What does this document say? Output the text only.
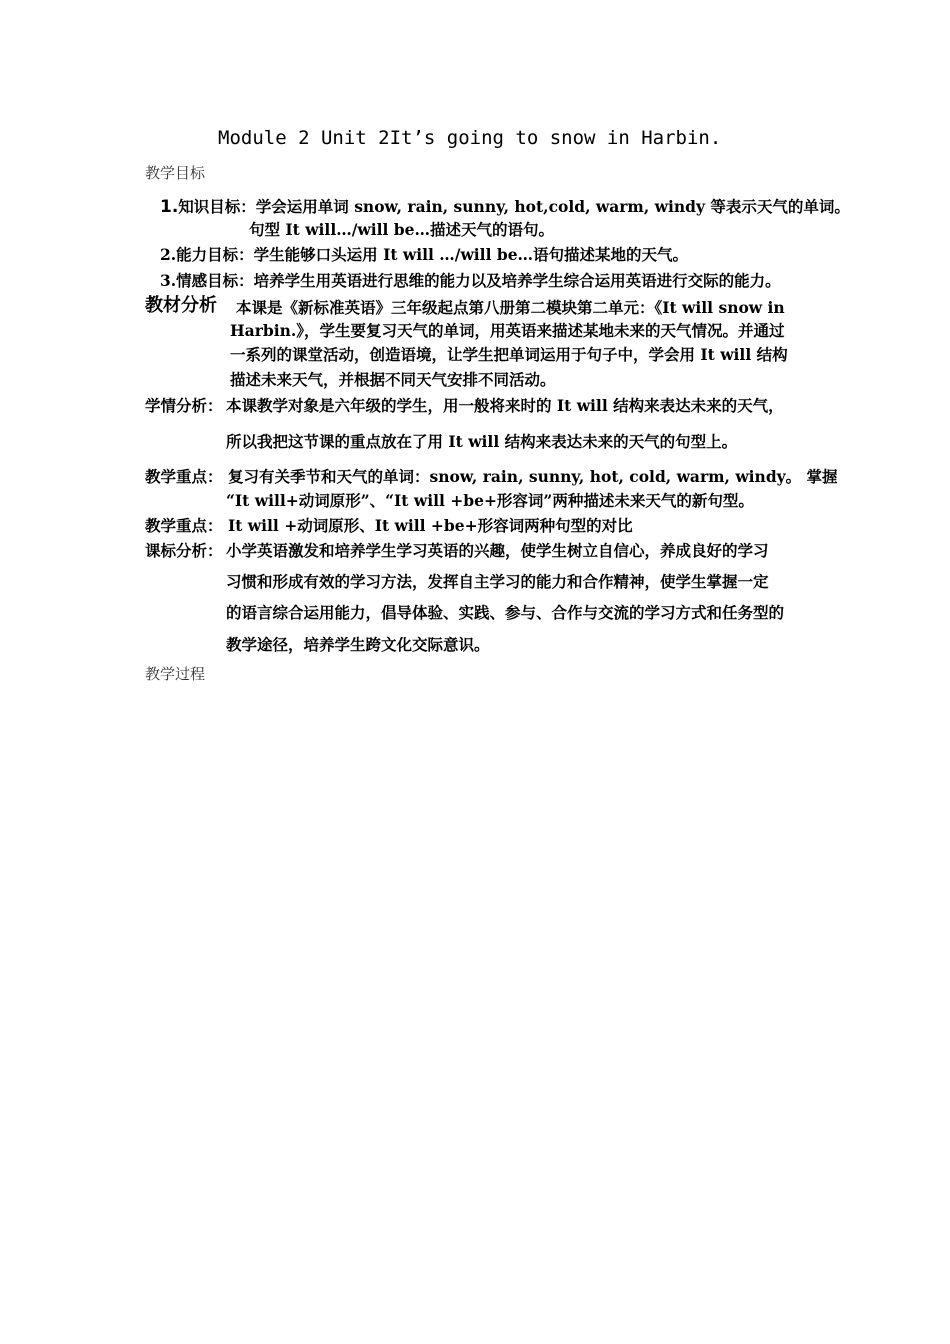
Module 2 Unit 2It’s going to snow in Harbin.
教学目标
1.知识目标：学会运用单词 snow, rain, sunny, hot,cold, warm, windy 等表示天气的单词。
句型 It will…/will be…描述天气的语句。
2.能力目标：学生能够口头运用 It will …/will be…语句描述某地的天气。
3.情感目标：培养学生用英语进行思维的能力以及培养学生综合运用英语进行交际的能力。
教材分析 本课是《新标准英语》三年级起点第八册第二模块第二单元：《It will snow in
Harbin.》，学生要复习天气的单词，用英语来描述某地未来的天气情况。并通过
一系列的课堂活动，创造语境，让学生把单词运用于句子中，学会用 It will 结构
描述未来天气，并根据不同天气安排不同活动。
学情分析： 本课教学对象是六年级的学生，用一般将来时的 It will 结构来表达未来的天气，
所以我把这节课的重点放在了用 It will 结构来表达未来的天气的句型上。
教学重点： 复习有关季节和天气的单词：snow, rain, sunny, hot, cold, warm, windy。 掌握
“It will+动词原形”、“It will +be+形容词”两种描述未来天气的新句型。
教学重点： It will +动词原形、It will +be+形容词两种句型的对比
课标分析： 小学英语激发和培养学生学习英语的兴趣，使学生树立自信心，养成良好的学习
习惯和形成有效的学习方法，发挥自主学习的能力和合作精神，使学生掌握一定
的语言综合运用能力，倡导体验、实践、参与、合作与交流的学习方式和任务型的
教学途径，培养学生跨文化交际意识。
教学过程
